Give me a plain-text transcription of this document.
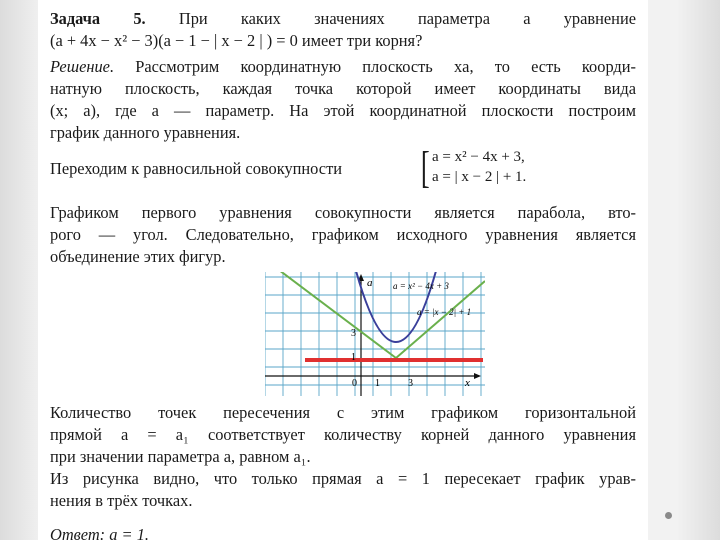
Задача 5. При каких значениях параметра a уравнение
(a + 4x − x² − 3)(a − 1 − | x − 2 | ) = 0 имеет три корня?
Решение. Рассмотрим координатную плоскость xa, то есть коорди-
натную плоскость, каждая точка которой имеет координаты вида
(x; a), где a — параметр. На этой координатной плоскости построим
график данного уравнения.
Переходим к равносильной совокупности	[ a = x² − 4x + 3,
a = | x − 2 | + 1.
Графиком первого уравнения совокупности является парабола, вто-
рого — угол. Следовательно, графиком исходного уравнения является
объединение этих фигур.
x
a a = x² − 4x + 3
a = |x − 2| + 1
3
1
0 1	3
Количество точек пересечения с этим графиком горизонтальной
прямой a = a₁ соответствует количеству корней данного уравнения
при значении параметра a, равном a₁.
Из рисунка видно, что только прямая a = 1 пересекает график урав-
нения в трёх точках.
Ответ: a = 1.
